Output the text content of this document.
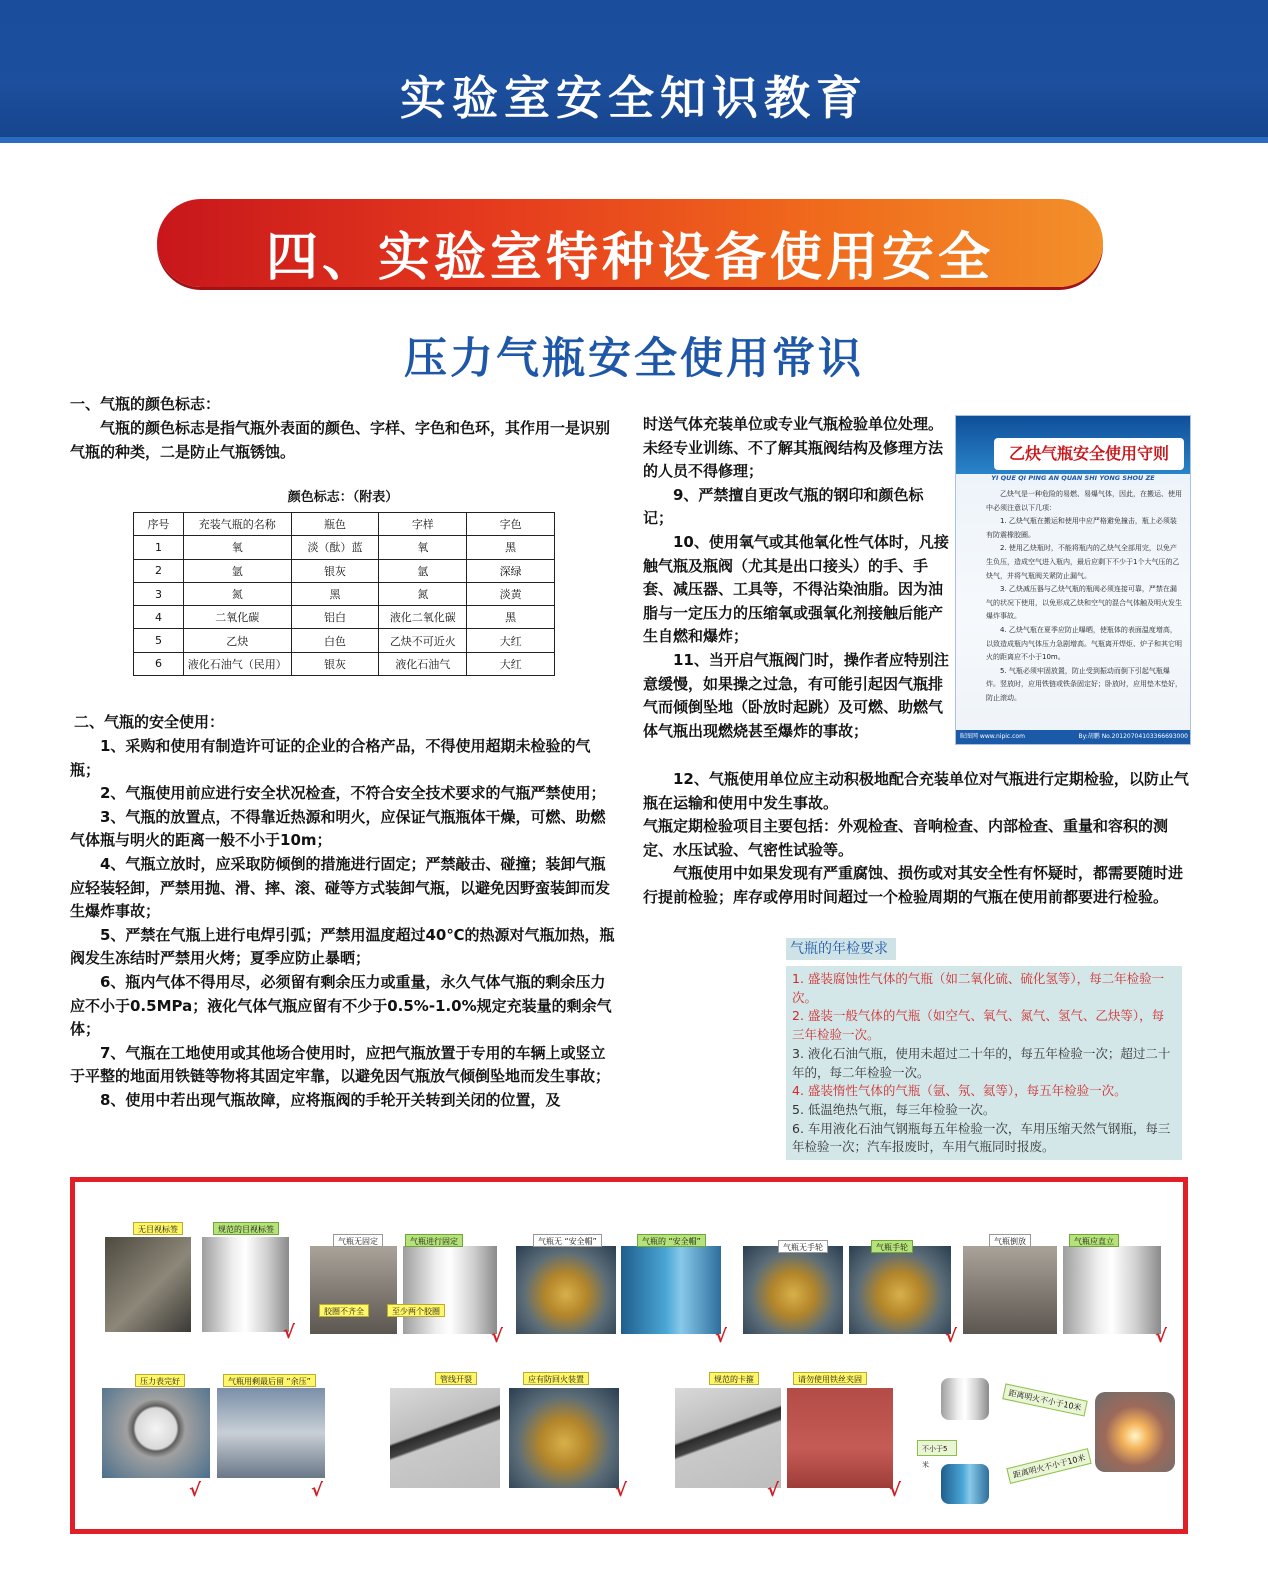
实验室安全知识教育
四、实验室特种设备使用安全
压力气瓶安全使用常识
一、气瓶的颜色标志：
气瓶的颜色标志是指气瓶外表面的颜色、字样、字色和色环，其作用一是识别气瓶的种类，二是防止气瓶锈蚀。
颜色标志：（附表）
序号	充装气瓶的名称	瓶色	字样	字色
1	氧	淡（酞）蓝	氧	黑
2	氩	银灰	氩	深绿
3	氮	黑	氮	淡黄
4	二氧化碳	铝白	液化二氧化碳	黑
5	乙炔	白色	乙炔不可近火	大红
6	液化石油气（民用）	银灰	液化石油气	大红
二、气瓶的安全使用：

1、采购和使用有制造许可证的企业的合格产品，不得使用超期未检验的气瓶；

2、气瓶使用前应进行安全状况检查，不符合安全技术要求的气瓶严禁使用；

3、气瓶的放置点，不得靠近热源和明火，应保证气瓶瓶体干燥，可燃、助燃气体瓶与明火的距离一般不小于10m；

4、气瓶立放时，应采取防倾倒的措施进行固定；严禁敲击、碰撞；装卸气瓶应轻装轻卸，严禁用抛、滑、摔、滚、碰等方式装卸气瓶，以避免因野蛮装卸而发生爆炸事故；

5、严禁在气瓶上进行电焊引弧；严禁用温度超过40℃的热源对气瓶加热，瓶阀发生冻结时严禁用火烤；夏季应防止暴晒；

6、瓶内气体不得用尽，必须留有剩余压力或重量，永久气体气瓶的剩余压力应不小于0.5MPa；液化气体气瓶应留有不少于0.5%-1.0%规定充装量的剩余气体；

7、气瓶在工地使用或其他场合使用时，应把气瓶放置于专用的车辆上或竖立于平整的地面用铁链等物将其固定牢靠，以避免因气瓶放气倾倒坠地而发生事故；

8、使用中若出现气瓶故障，应将瓶阀的手轮开关转到关闭的位置，及

时送气体充装单位或专业气瓶检验单位处理。未经专业训练、不了解其瓶阀结构及修理方法的人员不得修理；

9、严禁擅自更改气瓶的钢印和颜色标记；

10、使用氧气或其他氧化性气体时，凡接触气瓶及瓶阀（尤其是出口接头）的手、手套、减压器、工具等，不得沾染油脂。因为油脂与一定压力的压缩氧或强氧化剂接触后能产生自燃和爆炸；

11、当开启气瓶阀门时，操作者应特别注意缓慢，如果操之过急，有可能引起因气瓶排气而倾倒坠地（卧放时起跳）及可燃、助燃气体气瓶出现燃烧甚至爆炸的事故；

12、气瓶使用单位应主动积极地配合充装单位对气瓶进行定期检验，以防止气瓶在运输和使用中发生事故。

气瓶定期检验项目主要包括：外观检查、音响检查、内部检查、重量和容积的测定、水压试验、气密性试验等。

气瓶使用中如果发现有严重腐蚀、损伤或对其安全性有怀疑时，都需要随时进行提前检验；库存或停用时间超过一个检验周期的气瓶在使用前都要进行检验。

乙炔气瓶安全使用守则
YI QUE QI PING AN QUAN SHI YONG SHOU ZE

乙炔气是一种危险的易燃、易爆气体，因此，在搬运、使用中必须注意以下几项：

1. 乙炔气瓶在搬运和使用中应严格避免撞击，瓶上必须装有防震橡胶圈。

2. 使用乙炔瓶时，不能将瓶内的乙炔气全部用完，以免产生负压，造成空气进入瓶内，最后应剩下不少于1个大气压的乙炔气，并将气瓶阀关紧防止漏气。

3. 乙炔减压器与乙炔气瓶的瓶阀必须连接可靠，严禁在漏气的状况下使用，以免形成乙炔和空气的混合气体触及明火发生爆炸事故。

4. 乙炔气瓶在夏季应防止曝晒，使瓶体的表面温度增高，以致造成瓶内气体压力急剧增高。气瓶离开焊炬、炉子和其它明火的距离应不小于10m。

5. 气瓶必须牢固放置，防止受到振动而倒下引起气瓶爆炸。竖放时，应用铁链或铁条固定好；卧放时，应用垫木垫好，防止滚动。

昵图网 www.nipic.com	By:胡鹏 No.20120704103366693000
气瓶的年检要求
1. 盛装腐蚀性气体的气瓶（如二氧化硫、硫化氢等），每二年检验一次。
2. 盛装一般气体的气瓶（如空气、氧气、氮气、氢气、乙炔等），每三年检验一次。
3. 液化石油气瓶，使用未超过二十年的，每五年检验一次；超过二十年的，每二年检验一次。
4. 盛装惰性气体的气瓶（氩、氖、氦等），每五年检验一次。
5. 低温绝热气瓶，每三年检验一次。
6. 车用液化石油气钢瓶每五年检验一次，车用压缩天然气钢瓶，每三年检验一次；汽车报废时，车用气瓶同时报废。
无目视标签	规范的目视标签
√
气瓶无固定
胶圈不齐全
气瓶进行固定
至少两个胶圈
√
气瓶无 “安全帽”	气瓶的 “安全帽”
√
气瓶无手轮	气瓶手轮
√
气瓶倒放	气瓶应直立
√
压力表完好
√
气瓶用剩最后留 “余压”
√
管线开裂	应有防回火装置
√
规范的卡箍
√
请勿使用铁丝夹固
√
距离明火不小于10米
距离明火不小于10米
不小于5米
